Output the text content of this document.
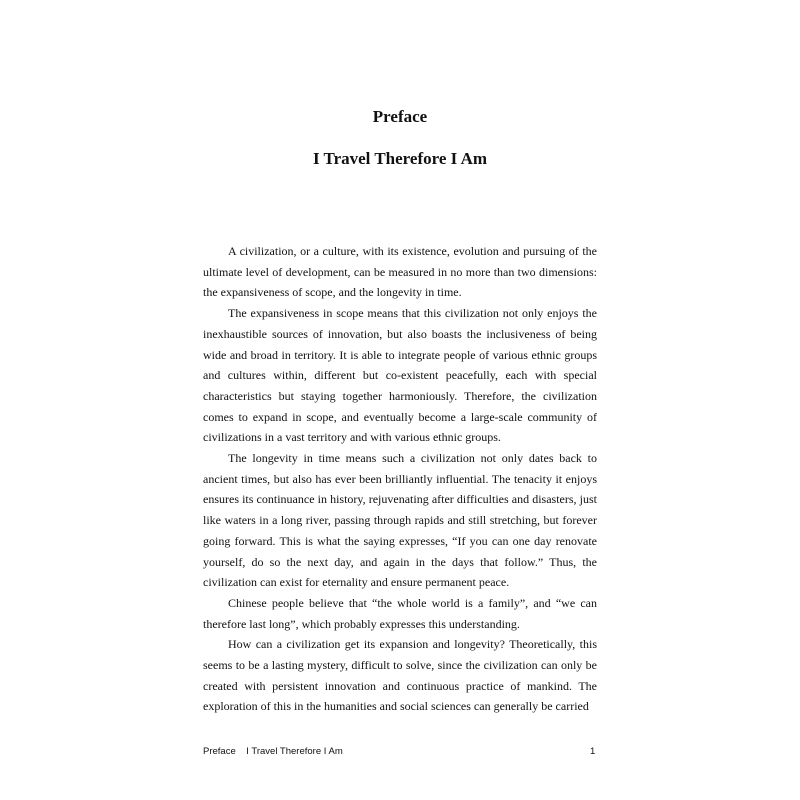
Preface
I Travel Therefore I Am

A civilization, or a culture, with its existence, evolution and pursuing of the ultimate level of development, can be measured in no more than two dimensions: the expansiveness of scope, and the longevity in time.

The expansiveness in scope means that this civilization not only enjoys the inexhaustible sources of innovation, but also boasts the inclusiveness of being wide and broad in territory. It is able to integrate people of various ethnic groups and cultures within, different but co-existent peacefully, each with special characteristics but staying together harmoniously. Therefore, the civilization comes to expand in scope, and eventually become a large-scale community of civilizations in a vast territory and with various ethnic groups.

The longevity in time means such a civilization not only dates back to ancient times, but also has ever been brilliantly influential. The tenacity it enjoys ensures its continuance in history, rejuvenating after difficulties and disasters, just like waters in a long river, passing through rapids and still stretching, but forever going forward. This is what the saying expresses, “If you can one day renovate yourself, do so the next day, and again in the days that follow.” Thus, the civilization can exist for eternality and ensure permanent peace.

Chinese people believe that “the whole world is a family”, and “we can therefore last long”, which probably expresses this understanding.

How can a civilization get its expansion and longevity? Theoretically, this seems to be a lasting mystery, difficult to solve, since the civilization can only be created with persistent innovation and continuous practice of mankind. The exploration of this in the humanities and social sciences can generally be carried

Preface    I Travel Therefore I Am	1
